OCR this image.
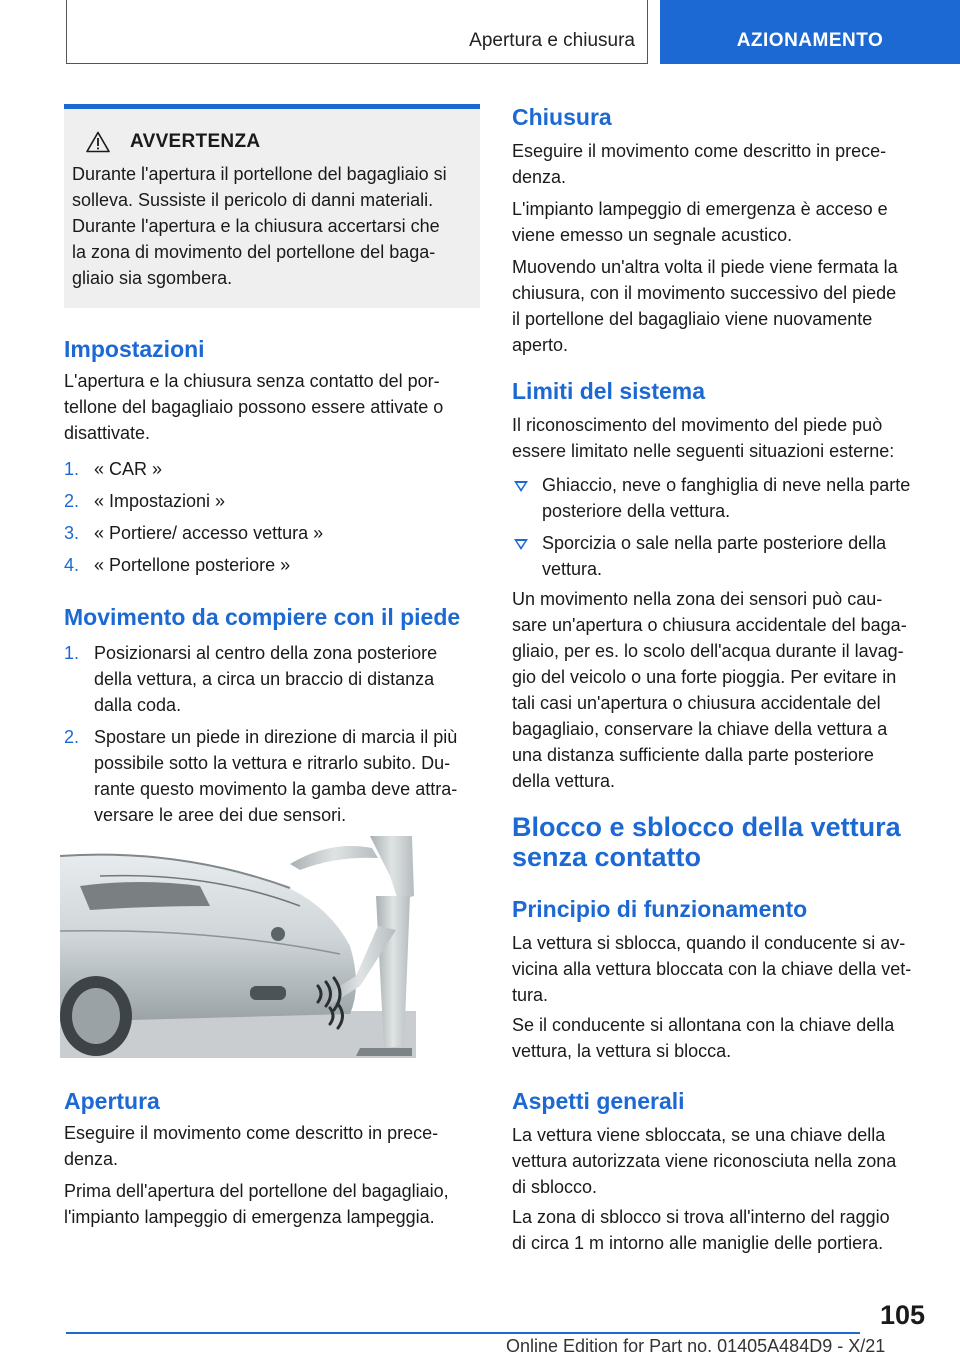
Apertura e chiusura	AZIONAMENTO
AVVERTENZA
Durante l'apertura il portellone del bagagliaio si
solleva. Sussiste il pericolo di danni materiali.
Durante l'apertura e la chiusura accertarsi che
la zona di movimento del portellone del baga-
gliaio sia sgombera.
Impostazioni
L'apertura e la chiusura senza contatto del por-
tellone del bagagliaio possono essere attivate o
disattivate.
1. « CAR »
2. « Impostazioni »
3. « Portiere/ accesso vettura »
4. « Portellone posteriore »
Movimento da compiere con il piede
1. Posizionarsi al centro della zona posteriore
della vettura, a circa un braccio di distanza
dalla coda.
2. Spostare un piede in direzione di marcia il più
possibile sotto la vettura e ritrarlo subito. Du-
rante questo movimento la gamba deve attra-
versare le aree dei due sensori.
Apertura
Eseguire il movimento come descritto in prece-
denza.
Prima dell'apertura del portellone del bagagliaio,
l'impianto lampeggio di emergenza lampeggia.
Chiusura
Eseguire il movimento come descritto in prece-
denza.
L'impianto lampeggio di emergenza è acceso e
viene emesso un segnale acustico.
Muovendo un'altra volta il piede viene fermata la
chiusura, con il movimento successivo del piede
il portellone del bagagliaio viene nuovamente
aperto.
Limiti del sistema
Il riconoscimento del movimento del piede può
essere limitato nelle seguenti situazioni esterne:
Ghiaccio, neve o fanghiglia di neve nella parte
posteriore della vettura.
Sporcizia o sale nella parte posteriore della
vettura.
Un movimento nella zona dei sensori può cau-
sare un'apertura o chiusura accidentale del baga-
gliaio, per es. lo scolo dell'acqua durante il lavag-
gio del veicolo o una forte pioggia. Per evitare in
tali casi un'apertura o chiusura accidentale del
bagagliaio, conservare la chiave della vettura a
una distanza sufficiente dalla parte posteriore
della vettura.
Blocco e sblocco della vettura
senza contatto
Principio di funzionamento
La vettura si sblocca, quando il conducente si av-
vicina alla vettura bloccata con la chiave della vet-
tura.
Se il conducente si allontana con la chiave della
vettura, la vettura si blocca.
Aspetti generali
La vettura viene sbloccata, se una chiave della
vettura autorizzata viene riconosciuta nella zona
di sblocco.
La zona di sblocco si trova all'interno del raggio
di circa 1 m intorno alle maniglie delle portiera.
105
Online Edition for Part no. 01405A484D9 - X/21
